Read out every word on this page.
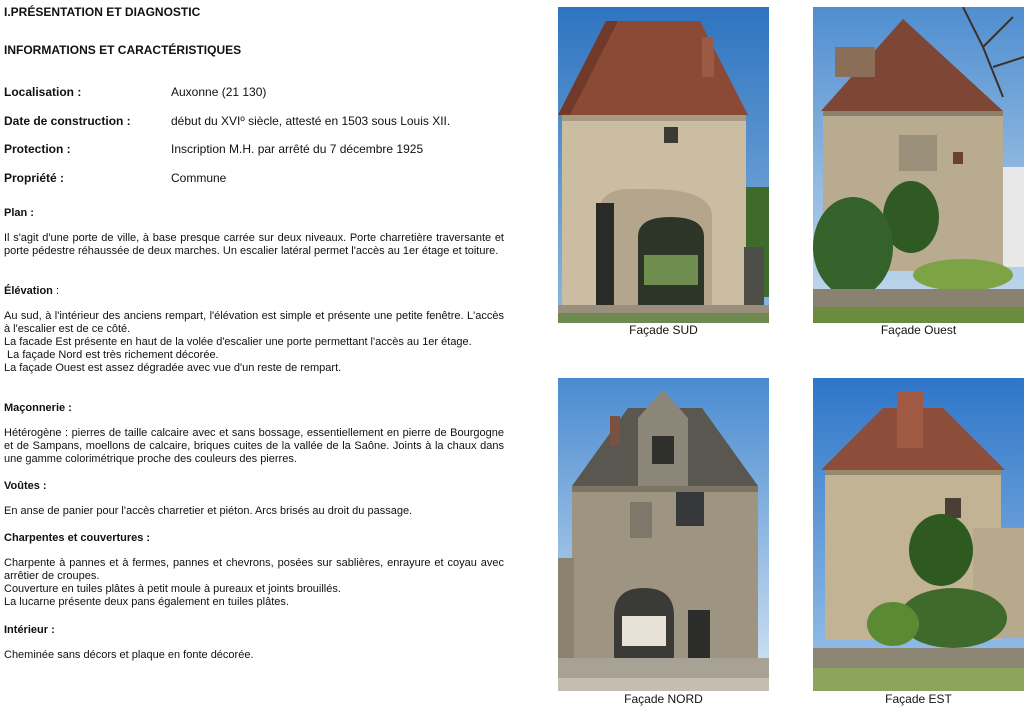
I.PRÉSENTATION ET DIAGNOSTIC
INFORMATIONS ET CARACTÉRISTIQUES
Localisation :	Auxonne (21 130)
Date de construction :	début du XVIº siècle, attesté en 1503 sous Louis XII.
Protection :	Inscription M.H. par arrêté du 7 décembre 1925
Propriété :	Commune
Plan :

Il s'agit d'une porte de ville, à base presque carrée sur deux niveaux. Porte charretière traversante et porte pédestre réhaussée de deux marches. Un escalier latéral permet l'accès au 1er étage et toiture.

Élévation :

Au sud, à l'intérieur des anciens rempart, l'élévation est simple et présente une petite fenêtre. L'accès à l'escalier est de ce côté.

La facade Est présente en haut de la volée d'escalier une porte permettant l'accès au 1er étage.

La façade Nord est très richement décorée.

La façade Ouest est assez dégradée avec vue d'un reste de rempart.

Maçonnerie :

Hétérogène : pierres de taille calcaire avec et sans bossage, essentiellement en pierre de Bourgogne et de Sampans, moellons de calcaire, briques cuites de la vallée de la Saône. Joints à la chaux dans une gamme colorimétrique proche des couleurs des pierres.

Voûtes :

En anse de panier pour l'accès charretier et piéton. Arcs brisés au droit du passage.

Charpentes et couvertures :

Charpente à pannes et à fermes, pannes et chevrons, posées sur sablières, enrayure et coyau avec arrêtier de croupes.

Couverture en tuiles plâtes à petit moule à pureaux et joints brouillés.

La lucarne présente deux pans également en tuiles plâtes.

Intérieur :

Cheminée sans décors et plaque en fonte décorée.

Façade SUD	Façade Ouest
Façade NORD	Façade EST
